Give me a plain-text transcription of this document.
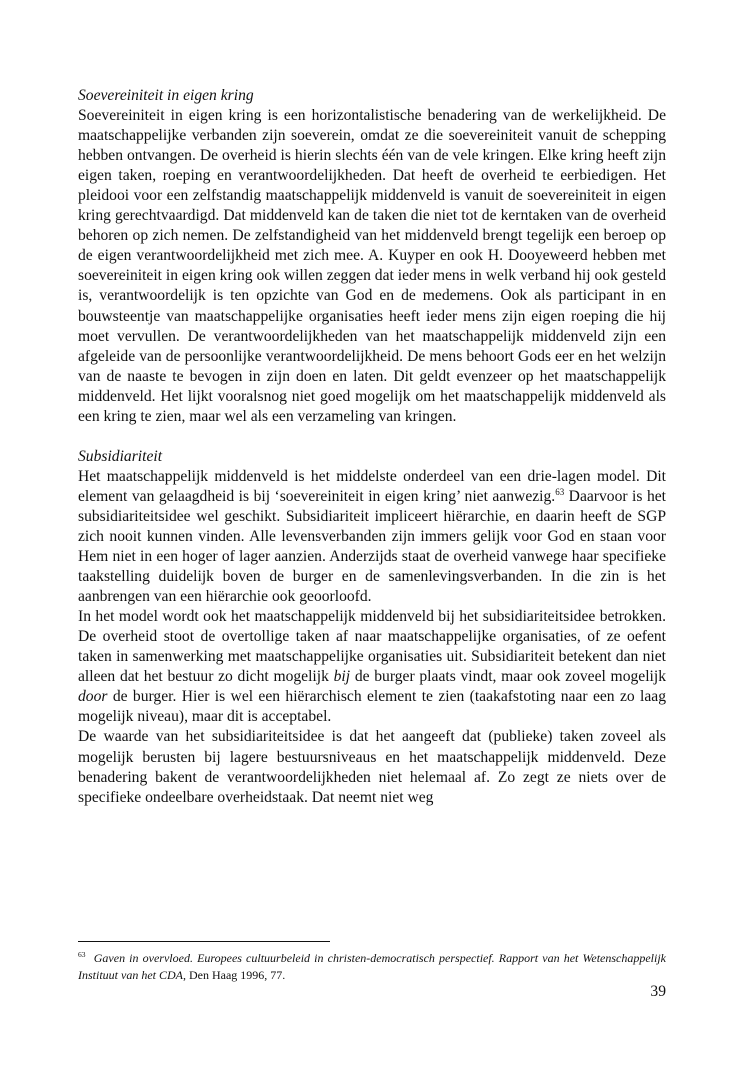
Soevereiniteit in eigen kring

Soevereiniteit in eigen kring is een horizontalistische benadering van de werkelijkheid. De maatschappelijke verbanden zijn soeverein, omdat ze die soevereiniteit vanuit de schepping hebben ontvangen. De overheid is hierin slechts één van de vele kringen. Elke kring heeft zijn eigen taken, roeping en verantwoordelijkheden. Dat heeft de overheid te eerbiedigen. Het pleidooi voor een zelfstandig maatschappelijk middenveld is vanuit de soevereiniteit in eigen kring gerechtvaardigd. Dat middenveld kan de taken die niet tot de kerntaken van de overheid behoren op zich nemen. De zelfstandigheid van het middenveld brengt tegelijk een beroep op de eigen verantwoordelijkheid met zich mee. A. Kuyper en ook H. Dooyeweerd hebben met soevereiniteit in eigen kring ook willen zeggen dat ieder mens in welk verband hij ook gesteld is, verantwoordelijk is ten opzichte van God en de medemens. Ook als participant in en bouwsteentje van maatschappelijke organisaties heeft ieder mens zijn eigen roeping die hij moet vervullen. De verantwoordelijkheden van het maatschappelijk middenveld zijn een afgeleide van de persoonlijke verantwoordelijkheid. De mens behoort Gods eer en het welzijn van de naaste te bevogen in zijn doen en laten. Dit geldt evenzeer op het maatschappelijk middenveld. Het lijkt vooralsnog niet goed mogelijk om het maatschappelijk middenveld als een kring te zien, maar wel als een verzameling van kringen.

Subsidiariteit

Het maatschappelijk middenveld is het middelste onderdeel van een drie-lagen model. Dit element van gelaagdheid is bij ‘soevereiniteit in eigen kring’ niet aanwezig.$^{63}$ Daarvoor is het subsidiariteitsidee wel geschikt. Subsidiariteit impliceert hiërarchie, en daarin heeft de SGP zich nooit kunnen vinden. Alle levensverbanden zijn immers gelijk voor God en staan voor Hem niet in een hoger of lager aanzien. Anderzijds staat de overheid vanwege haar specifieke taakstelling duidelijk boven de burger en de samenlevingsverbanden. In die zin is het aanbrengen van een hiërarchie ook geoorloofd.

In het model wordt ook het maatschappelijk middenveld bij het subsidiariteitsidee betrokken. De overheid stoot de overtollige taken af naar maatschappelijke organisaties, of ze oefent taken in samenwerking met maatschappelijke organisaties uit. Subsidiariteit betekent dan niet alleen dat het bestuur zo dicht mogelijk bij de burger plaats vindt, maar ook zoveel mogelijk door de burger. Hier is wel een hiërarchisch element te zien (taakafstoting naar een zo laag mogelijk niveau), maar dit is acceptabel.

De waarde van het subsidiariteitsidee is dat het aangeeft dat (publieke) taken zoveel als mogelijk berusten bij lagere bestuursniveaus en het maatschappelijk middenveld. Deze benadering bakent de verantwoordelijkheden niet helemaal af. Zo zegt ze niets over de specifieke ondeelbare overheidstaak. Dat neemt niet weg

$^{63}$ Gaven in overvloed. Europees cultuurbeleid in christen-democratisch perspectief. Rapport van het Wetenschappelijk Instituut van het CDA, Den Haag 1996, 77.
39
